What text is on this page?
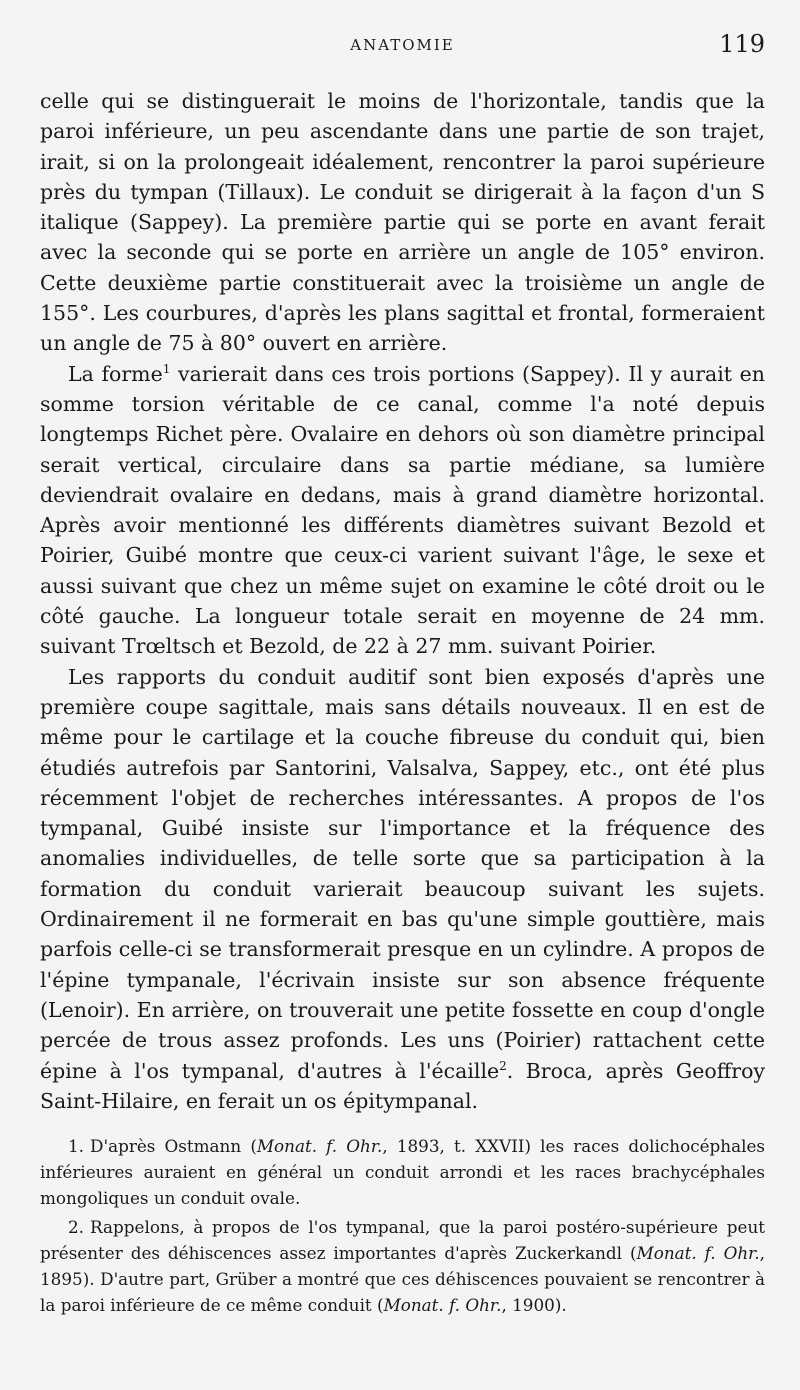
ANATOMIE	119

celle qui se distinguerait le moins de l'horizontale, tandis que la paroi inférieure, un peu ascendante dans une partie de son trajet, irait, si on la prolongeait idéalement, rencontrer la paroi supérieure près du tympan (Tillaux). Le conduit se dirigerait à la façon d'un S italique (Sappey). La première partie qui se porte en avant ferait avec la seconde qui se porte en arrière un angle de 105° environ. Cette deuxième partie constituerait avec la troisième un angle de 155°. Les courbures, d'après les plans sagittal et frontal, formeraient un angle de 75 à 80° ouvert en arrière.

La forme$^1$ varierait dans ces trois portions (Sappey). Il y aurait en somme torsion véritable de ce canal, comme l'a noté depuis longtemps Richet père. Ovalaire en dehors où son diamètre principal serait vertical, circulaire dans sa partie médiane, sa lumière deviendrait ovalaire en dedans, mais à grand diamètre horizontal. Après avoir mentionné les différents diamètres suivant Bezold et Poirier, Guibé montre que ceux-ci varient suivant l'âge, le sexe et aussi suivant que chez un même sujet on examine le côté droit ou le côté gauche. La longueur totale serait en moyenne de 24 mm. suivant Trœltsch et Bezold, de 22 à 27 mm. suivant Poirier.

Les rapports du conduit auditif sont bien exposés d'après une première coupe sagittale, mais sans détails nouveaux. Il en est de même pour le cartilage et la couche fibreuse du conduit qui, bien étudiés autrefois par Santorini, Valsalva, Sappey, etc., ont été plus récemment l'objet de recherches intéressantes. A propos de l'os tympanal, Guibé insiste sur l'importance et la fréquence des anomalies individuelles, de telle sorte que sa participation à la formation du conduit varierait beaucoup suivant les sujets. Ordinairement il ne formerait en bas qu'une simple gouttière, mais parfois celle-ci se transformerait presque en un cylindre. A propos de l'épine tympanale, l'écrivain insiste sur son absence fréquente (Lenoir). En arrière, on trouverait une petite fossette en coup d'ongle percée de trous assez profonds. Les uns (Poirier) rattachent cette épine à l'os tympanal, d'autres à l'écaille$^2$. Broca, après Geoffroy Saint-Hilaire, en ferait un os épitympanal.

1. D'après Ostmann (Monat. f. Ohr., 1893, t. XXVII) les races dolichocéphales inférieures auraient en général un conduit arrondi et les races brachycéphales mongoliques un conduit ovale.

2. Rappelons, à propos de l'os tympanal, que la paroi postéro-supérieure peut présenter des déhiscences assez importantes d'après Zuckerkandl (Monat. f. Ohr., 1895). D'autre part, Grüber a montré que ces déhiscences pouvaient se rencontrer à la paroi inférieure de ce même conduit (Monat. f. Ohr., 1900).
